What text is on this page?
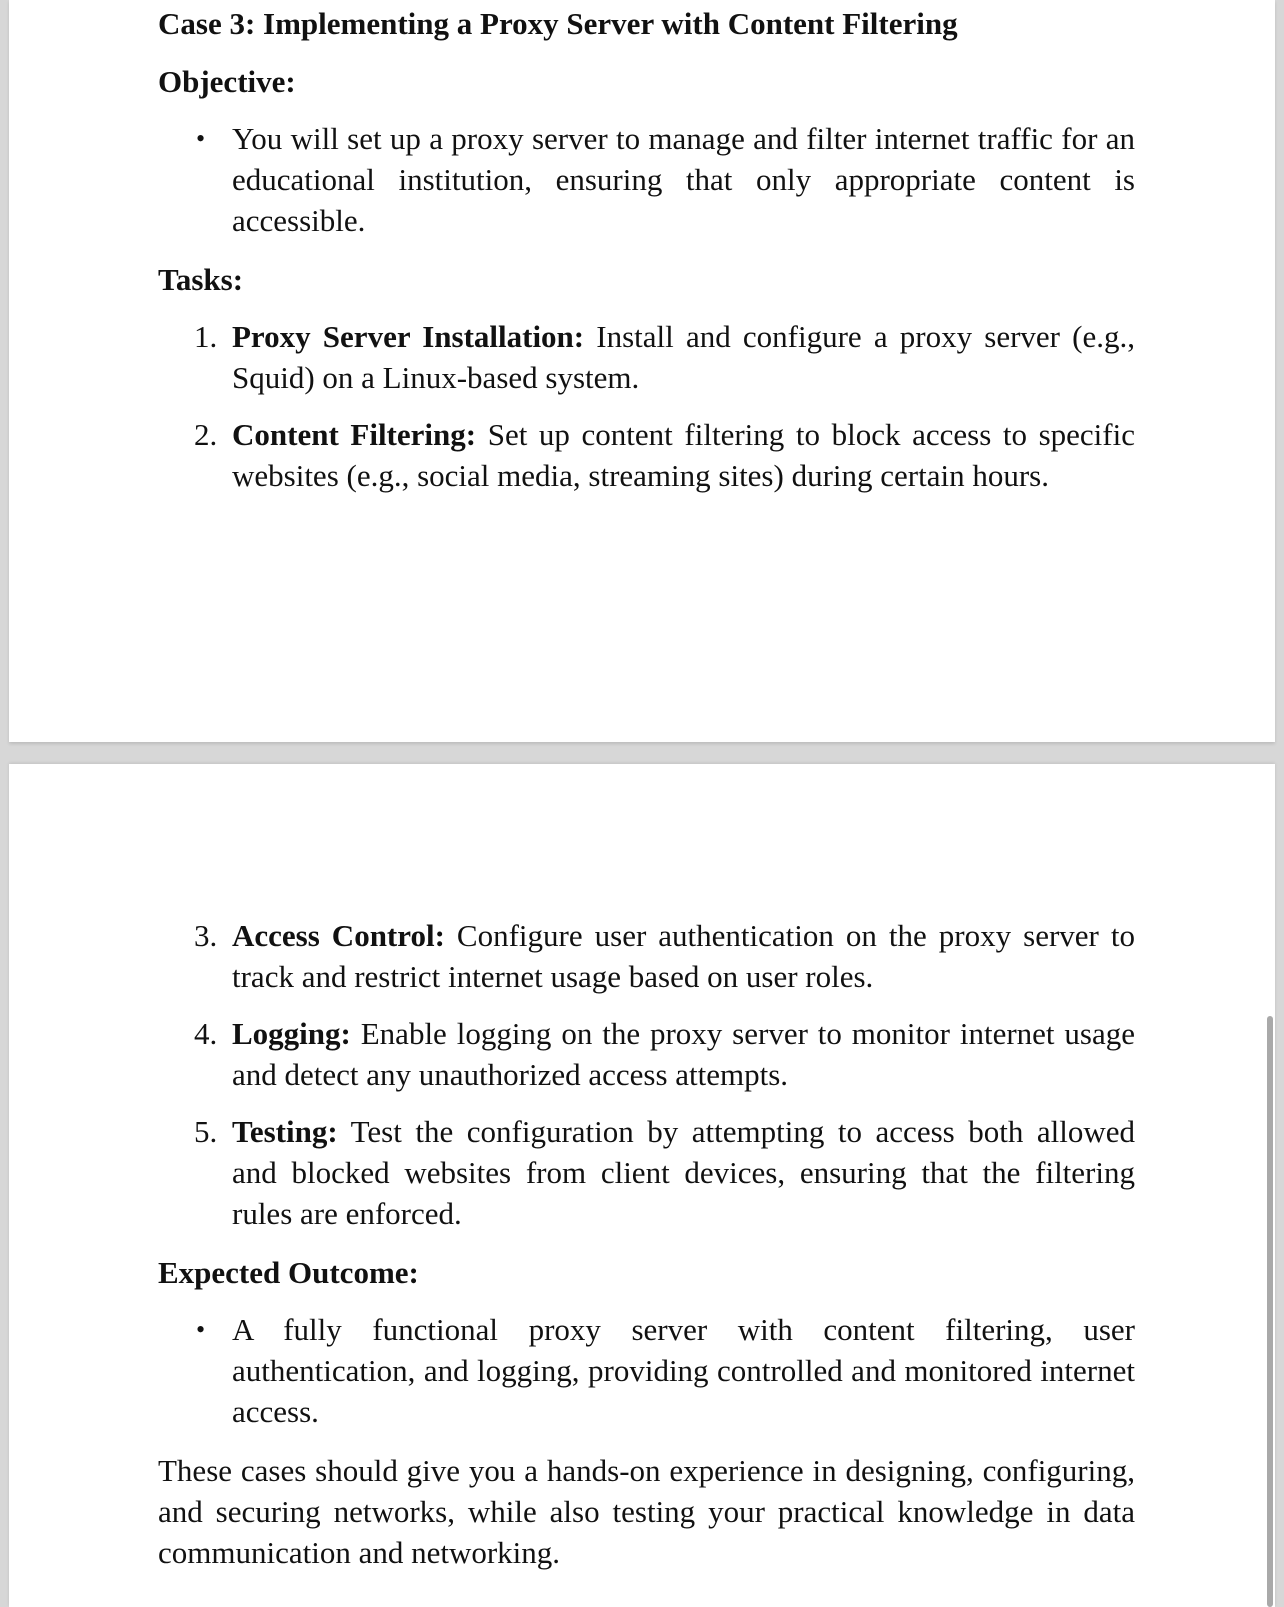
Case 3: Implementing a Proxy Server with Content Filtering

Objective:

• You will set up a proxy server to manage and filter internet traffic for an educational institution, ensuring that only appropriate content is accessible.

Tasks:

1. Proxy Server Installation: Install and configure a proxy server (e.g., Squid) on a Linux-based system.
2. Content Filtering: Set up content filtering to block access to specific websites (e.g., social media, streaming sites) during certain hours.
3. Access Control: Configure user authentication on the proxy server to track and restrict internet usage based on user roles.
4. Logging: Enable logging on the proxy server to monitor internet usage and detect any unauthorized access attempts.
5. Testing: Test the configuration by attempting to access both allowed and blocked websites from client devices, ensuring that the filtering rules are enforced.

Expected Outcome:

• A fully functional proxy server with content filtering, user authentication, and logging, providing controlled and monitored internet access.

These cases should give you a hands-on experience in designing, configuring, and securing networks, while also testing your practical knowledge in data communication and networking.
